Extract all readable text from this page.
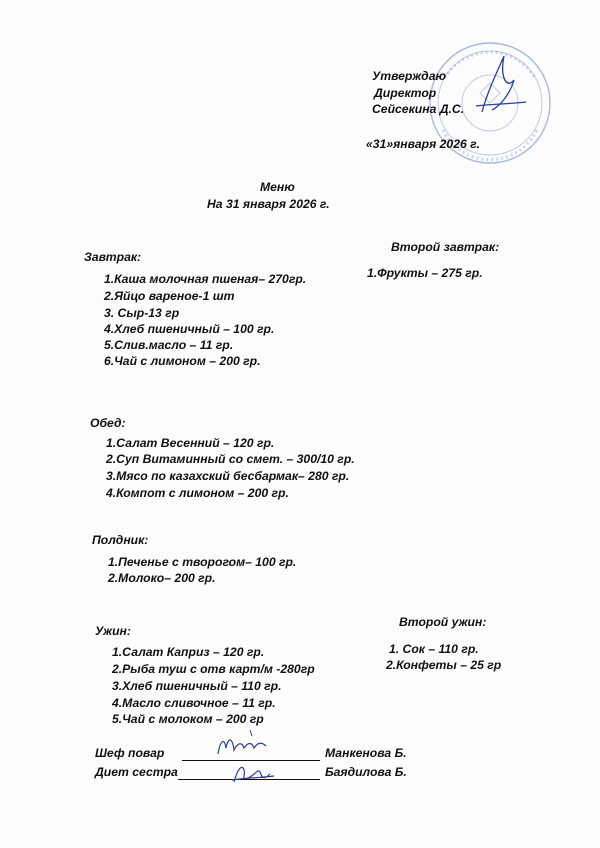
Утверждаю
Директор
Сейсекина Д.С.
«31»января 2026 г.
Меню
На 31 января 2026 г.
Завтрак:
1.Каша молочная пшеная– 270гр.
2.Яйцо вареное-1 шт
3. Сыр-13 гр
4.Хлеб пшеничный – 100 гр.
5.Слив.масло – 11 гр.
6.Чай с лимоном – 200 гр.
Второй завтрак:
1.Фрукты – 275 гр.
Обед:
1.Салат Весенний – 120 гр.
2.Суп Витаминный со смет. – 300/10 гр.
3.Мясо по казахский бесбармак– 280 гр.
4.Компот с лимоном – 200 гр.
Полдник:
1.Печенье с творогом– 100 гр.
2.Молоко– 200 гр.
Ужин:
1.Салат Каприз – 120 гр.
2.Рыба туш с отв карт/м -280гр
3.Хлеб пшеничный – 110 гр.
4.Масло сливочное – 11 гр.
5.Чай с молоком – 200 гр
Второй ужин:
1. Сок – 110 гр.
2.Конфеты – 25 гр
Шеф повар	Манкенова Б.
Диет сестра	Баядилова Б.
